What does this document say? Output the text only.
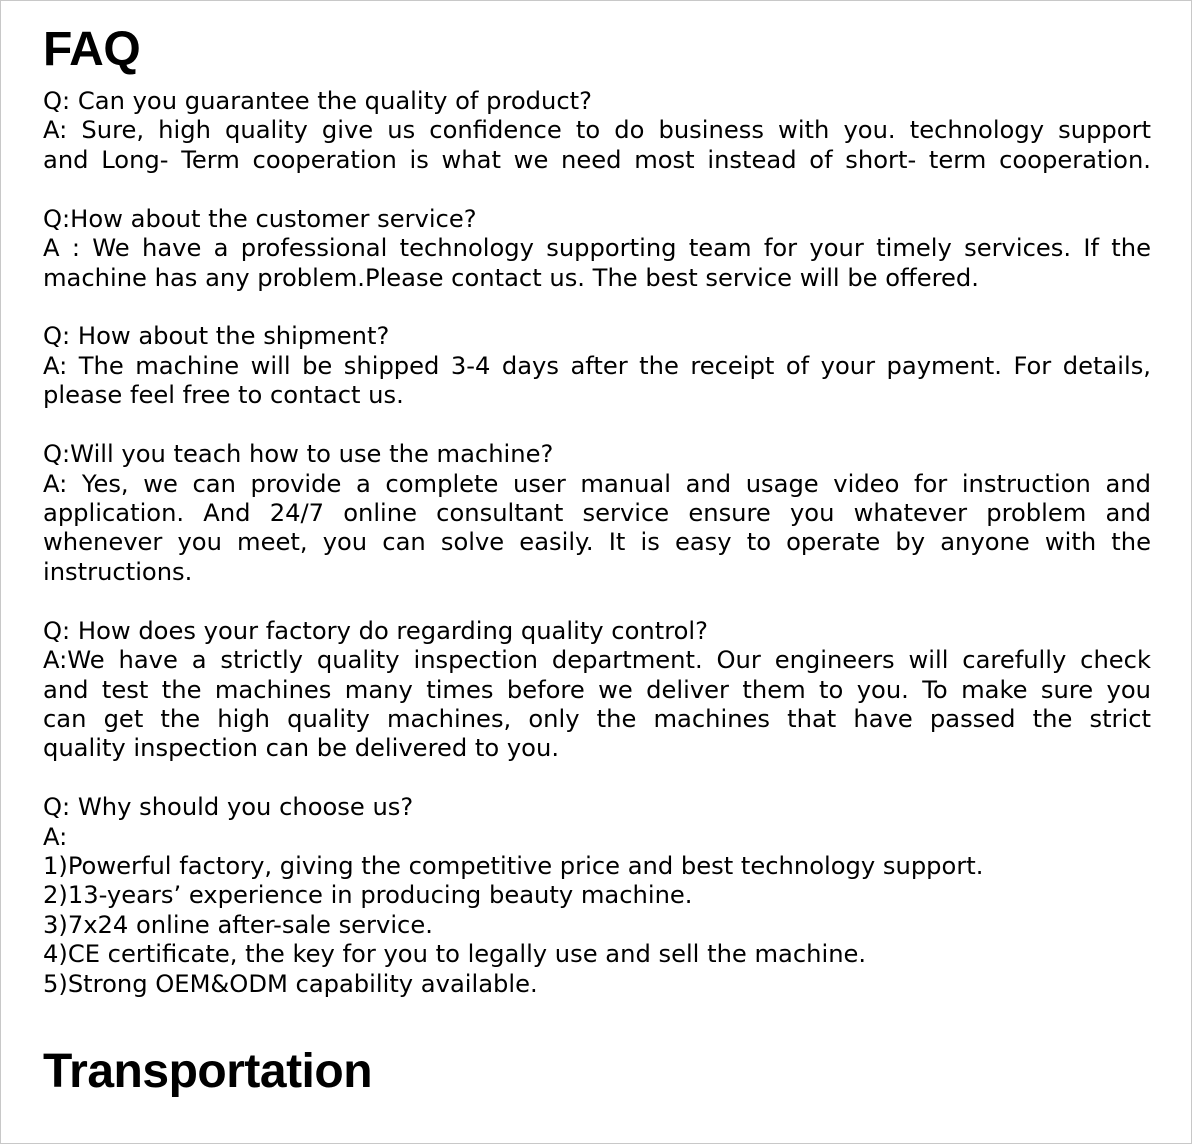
FAQ

Q: Can you guarantee the quality of product?

A: Sure, high quality give us confidence to do business with you. technology support

and Long- Term cooperation is what we need most instead of short- term cooperation.

Q:How about the customer service?

A : We have a professional technology supporting team for your timely services. If the

machine has any problem.Please contact us. The best service will be offered.

Q: How about the shipment?

A: The machine will be shipped 3-4 days after the receipt of your payment. For details,

please feel free to contact us.

Q:Will you teach how to use the machine?

A: Yes, we can provide a complete user manual and usage video for instruction and

application. And 24/7 online consultant service ensure you whatever problem and

whenever you meet, you can solve easily. It is easy to operate by anyone with the

instructions.

Q: How does your factory do regarding quality control?

A:We have a strictly quality inspection department. Our engineers will carefully check

and test the machines many times before we deliver them to you. To make sure you

can get the high quality machines, only the machines that have passed the strict

quality inspection can be delivered to you.

Q: Why should you choose us?

A:

1)Powerful factory, giving the competitive price and best technology support.

2)13-years’ experience in producing beauty machine.

3)7x24 online after-sale service.

4)CE certificate, the key for you to legally use and sell the machine.

5)Strong OEM&ODM capability available.

Transportation
